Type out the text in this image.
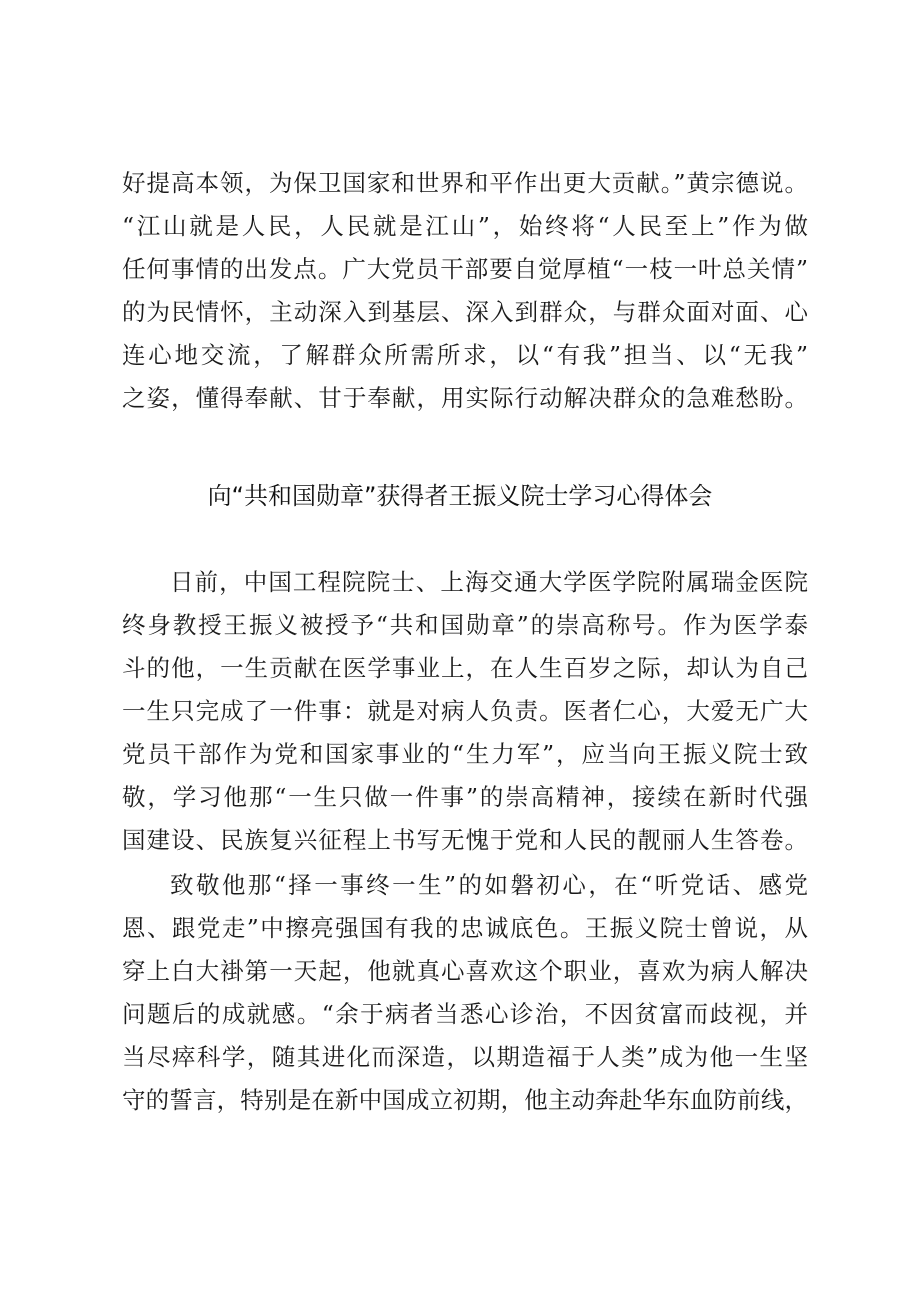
好提高本领，为保卫国家和世界和平作出更大贡献。”黄宗德说。
“江山就是人民，人民就是江山”，始终将“人民至上”作为做
任何事情的出发点。广大党员干部要自觉厚植“一枝一叶总关情”
的为民情怀，主动深入到基层、深入到群众，与群众面对面、心
连心地交流，了解群众所需所求，以“有我”担当、以“无我”
之姿，懂得奉献、甘于奉献，用实际行动解决群众的急难愁盼。
向“共和国勋章”获得者王振义院士学习心得体会
日前，中国工程院院士、上海交通大学医学院附属瑞金医院
终身教授王振义被授予“共和国勋章”的崇高称号。作为医学泰
斗的他，一生贡献在医学事业上，在人生百岁之际，却认为自己
一生只完成了一件事：就是对病人负责。医者仁心，大爱无广大
党员干部作为党和国家事业的“生力军”，应当向王振义院士致
敬，学习他那“一生只做一件事”的崇高精神，接续在新时代强
国建设、民族复兴征程上书写无愧于党和人民的靓丽人生答卷。
致敬他那“择一事终一生”的如磐初心，在“听党话、感党
恩、跟党走”中擦亮强国有我的忠诚底色。王振义院士曾说，从
穿上白大褂第一天起，他就真心喜欢这个职业，喜欢为病人解决
问题后的成就感。“余于病者当悉心诊治，不因贫富而歧视，并
当尽瘁科学，随其进化而深造，以期造福于人类”成为他一生坚
守的誓言，特别是在新中国成立初期，他主动奔赴华东血防前线，
